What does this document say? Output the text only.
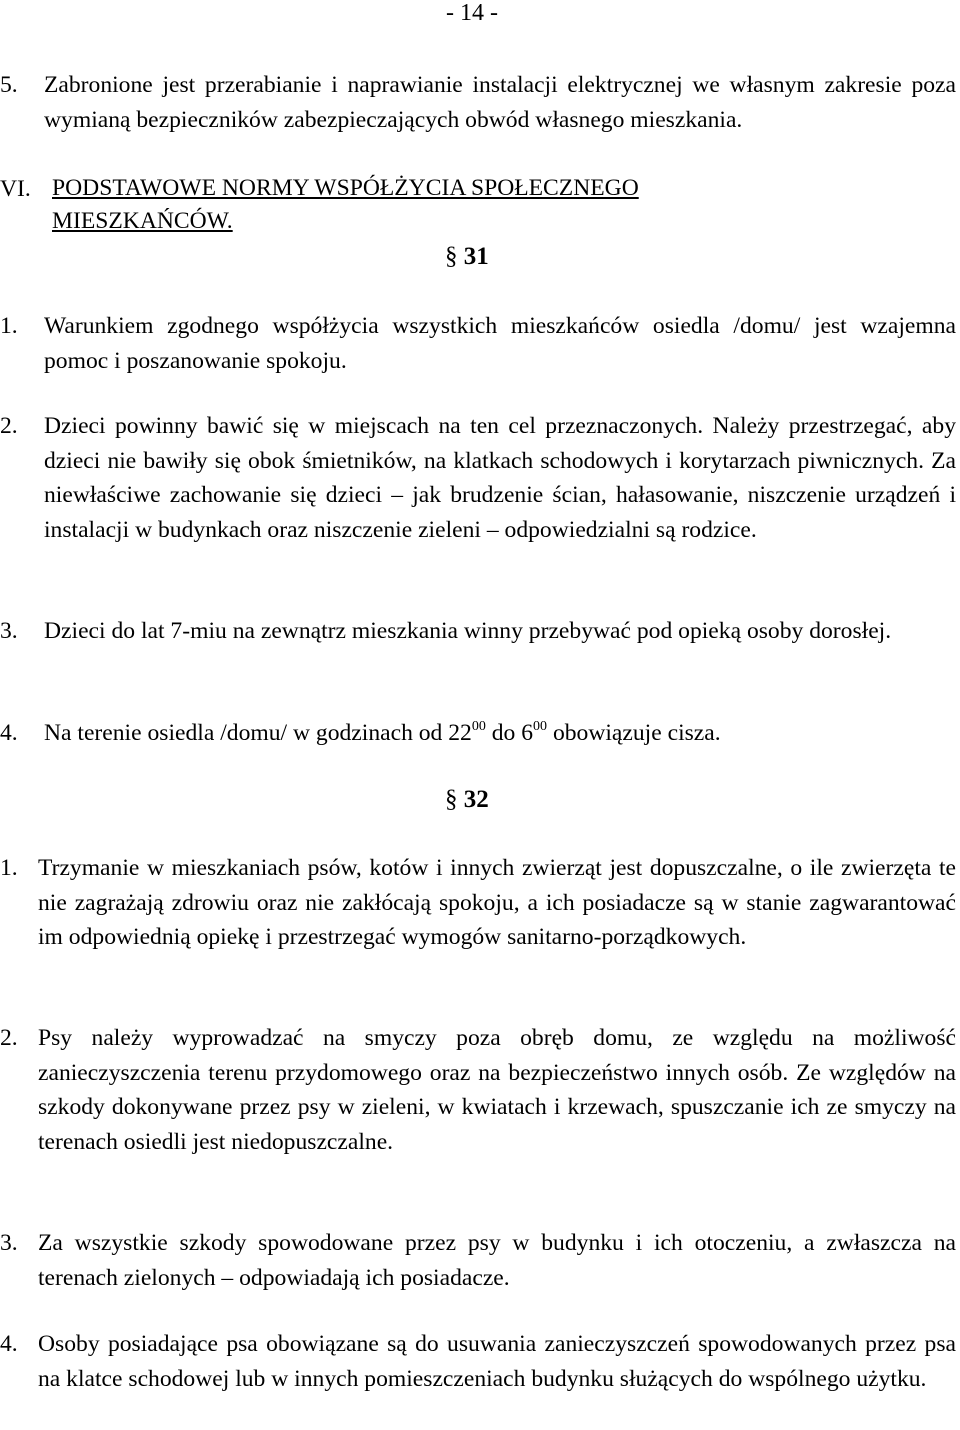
- 14 -
5. Zabronione jest przerabianie i naprawianie instalacji elektrycznej we własnym zakresie poza wymianą bezpieczników zabezpieczających obwód własnego mieszkania.
VI. PODSTAWOWE NORMY WSPÓŁŻYCIA SPOŁECZNEGO
MIESZKAŃCÓW.
§ 31
1. Warunkiem zgodnego współżycia wszystkich mieszkańców osiedla /domu/ jest wzajemna pomoc i poszanowanie spokoju.
2. Dzieci powinny bawić się w miejscach na ten cel przeznaczonych. Należy przestrzegać, aby dzieci nie bawiły się obok śmietników, na klatkach schodowych i korytarzach piwnicznych. Za niewłaściwe zachowanie się dzieci – jak brudzenie ścian, hałasowanie, niszczenie urządzeń i instalacji w budynkach oraz niszczenie zieleni – odpowiedzialni są rodzice.
3. Dzieci do lat 7-miu na zewnątrz mieszkania winny przebywać pod opieką osoby dorosłej.
4. Na terenie osiedla /domu/ w godzinach od $22^{00}$ do $6^{00}$ obowiązuje cisza.
§ 32
1. Trzymanie w mieszkaniach psów, kotów i innych zwierząt jest dopuszczalne, o ile zwierzęta te nie zagrażają zdrowiu oraz nie zakłócają spokoju, a ich posiadacze są w stanie zagwarantować im odpowiednią opiekę i przestrzegać wymogów sanitarno-porządkowych.
2. Psy należy wyprowadzać na smyczy poza obręb domu, ze względu na możliwość zanieczyszczenia terenu przydomowego oraz na bezpieczeństwo innych osób. Ze względów na szkody dokonywane przez psy w zieleni, w kwiatach i krzewach, spuszczanie ich ze smyczy na terenach osiedli jest niedopuszczalne.
3. Za wszystkie szkody spowodowane przez psy w budynku i ich otoczeniu, a zwłaszcza na terenach zielonych – odpowiadają ich posiadacze.
4. Osoby posiadające psa obowiązane są do usuwania zanieczyszczeń spowodowanych przez psa na klatce schodowej lub w innych pomieszczeniach budynku służących do wspólnego użytku.
